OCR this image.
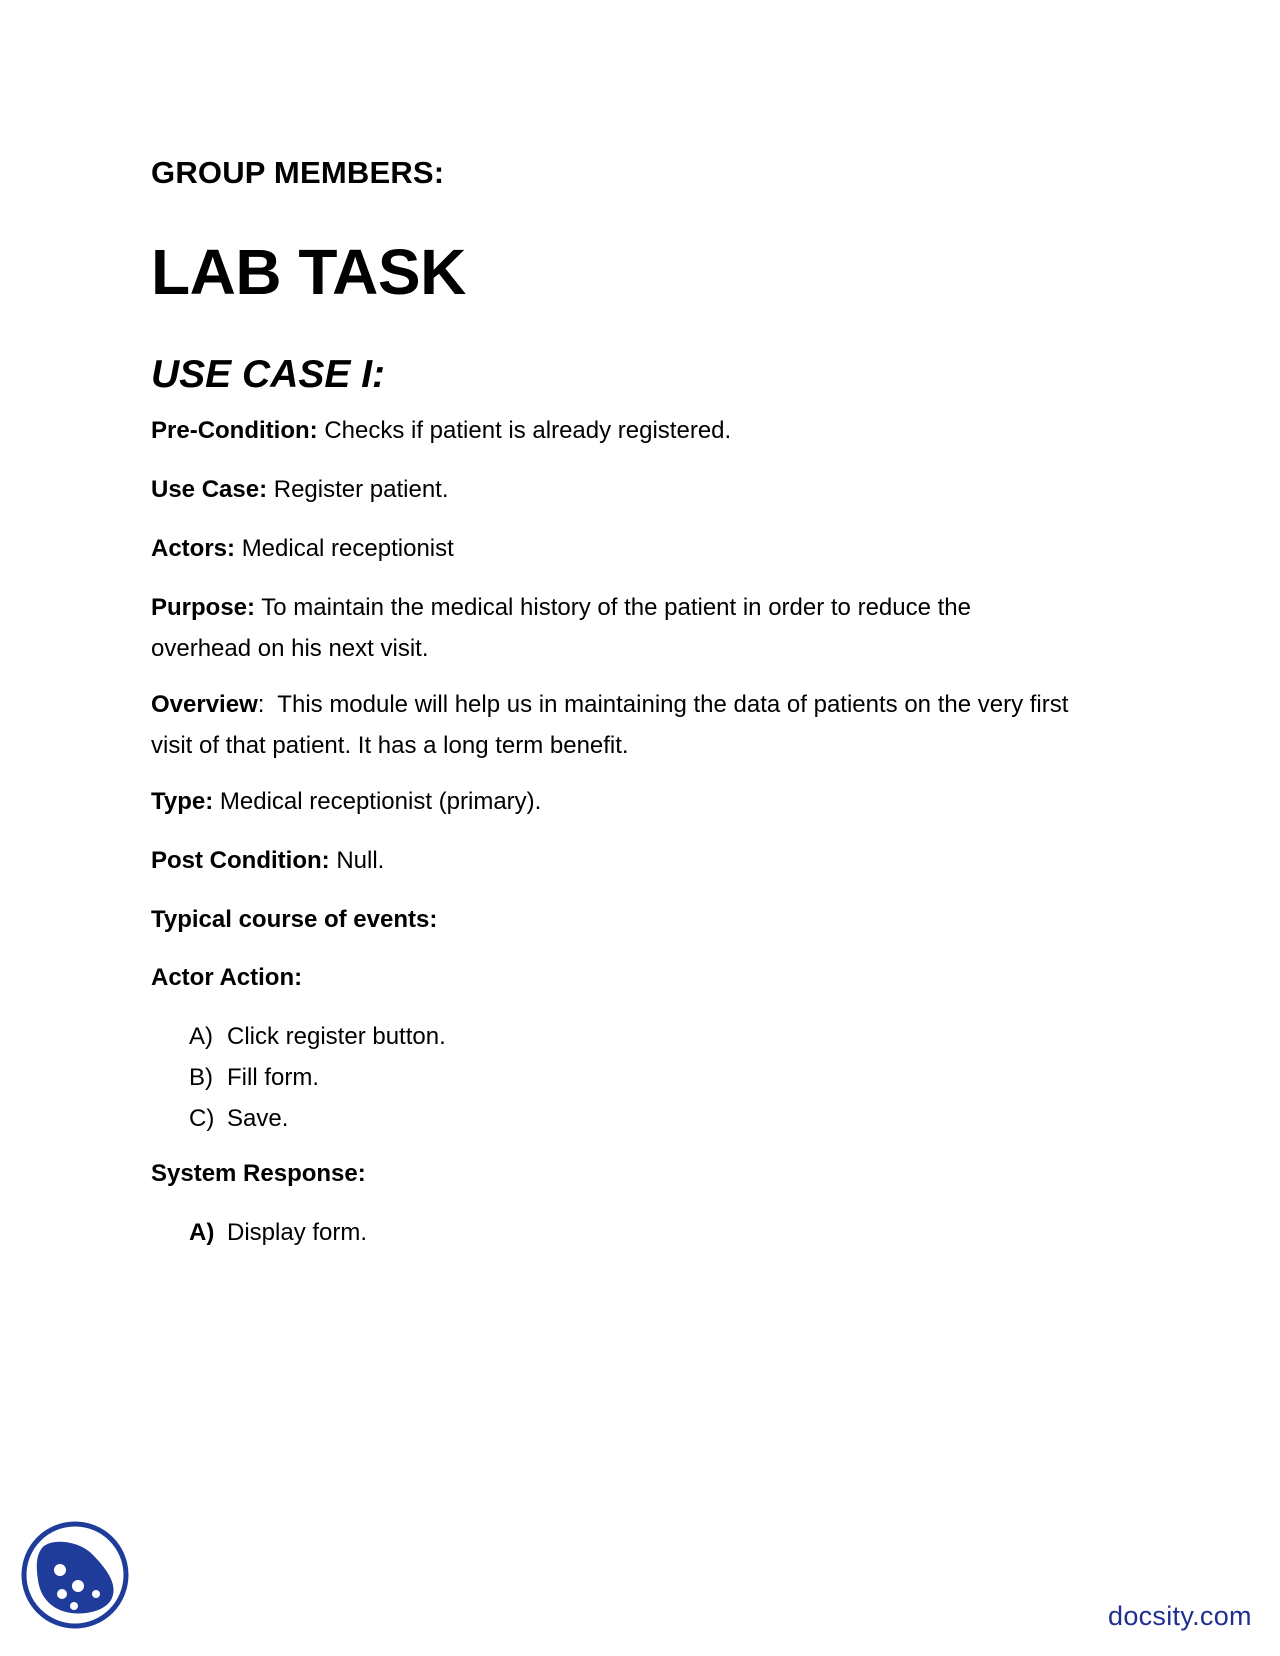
GROUP MEMBERS:
LAB TASK
USE CASE I:

Pre-Condition: Checks if patient is already registered.

Use Case: Register patient.

Actors: Medical receptionist

Purpose: To maintain the medical history of the patient in order to reduce the overhead on his next visit.

Overview:  This module will help us in maintaining the data of patients on the very first visit of that patient. It has a long term benefit.

Type: Medical receptionist (primary).

Post Condition: Null.

Typical course of events:

Actor Action:

A) Click register button.
B) Fill form.
C) Save.

System Response:

A) Display form.
docsity.com
